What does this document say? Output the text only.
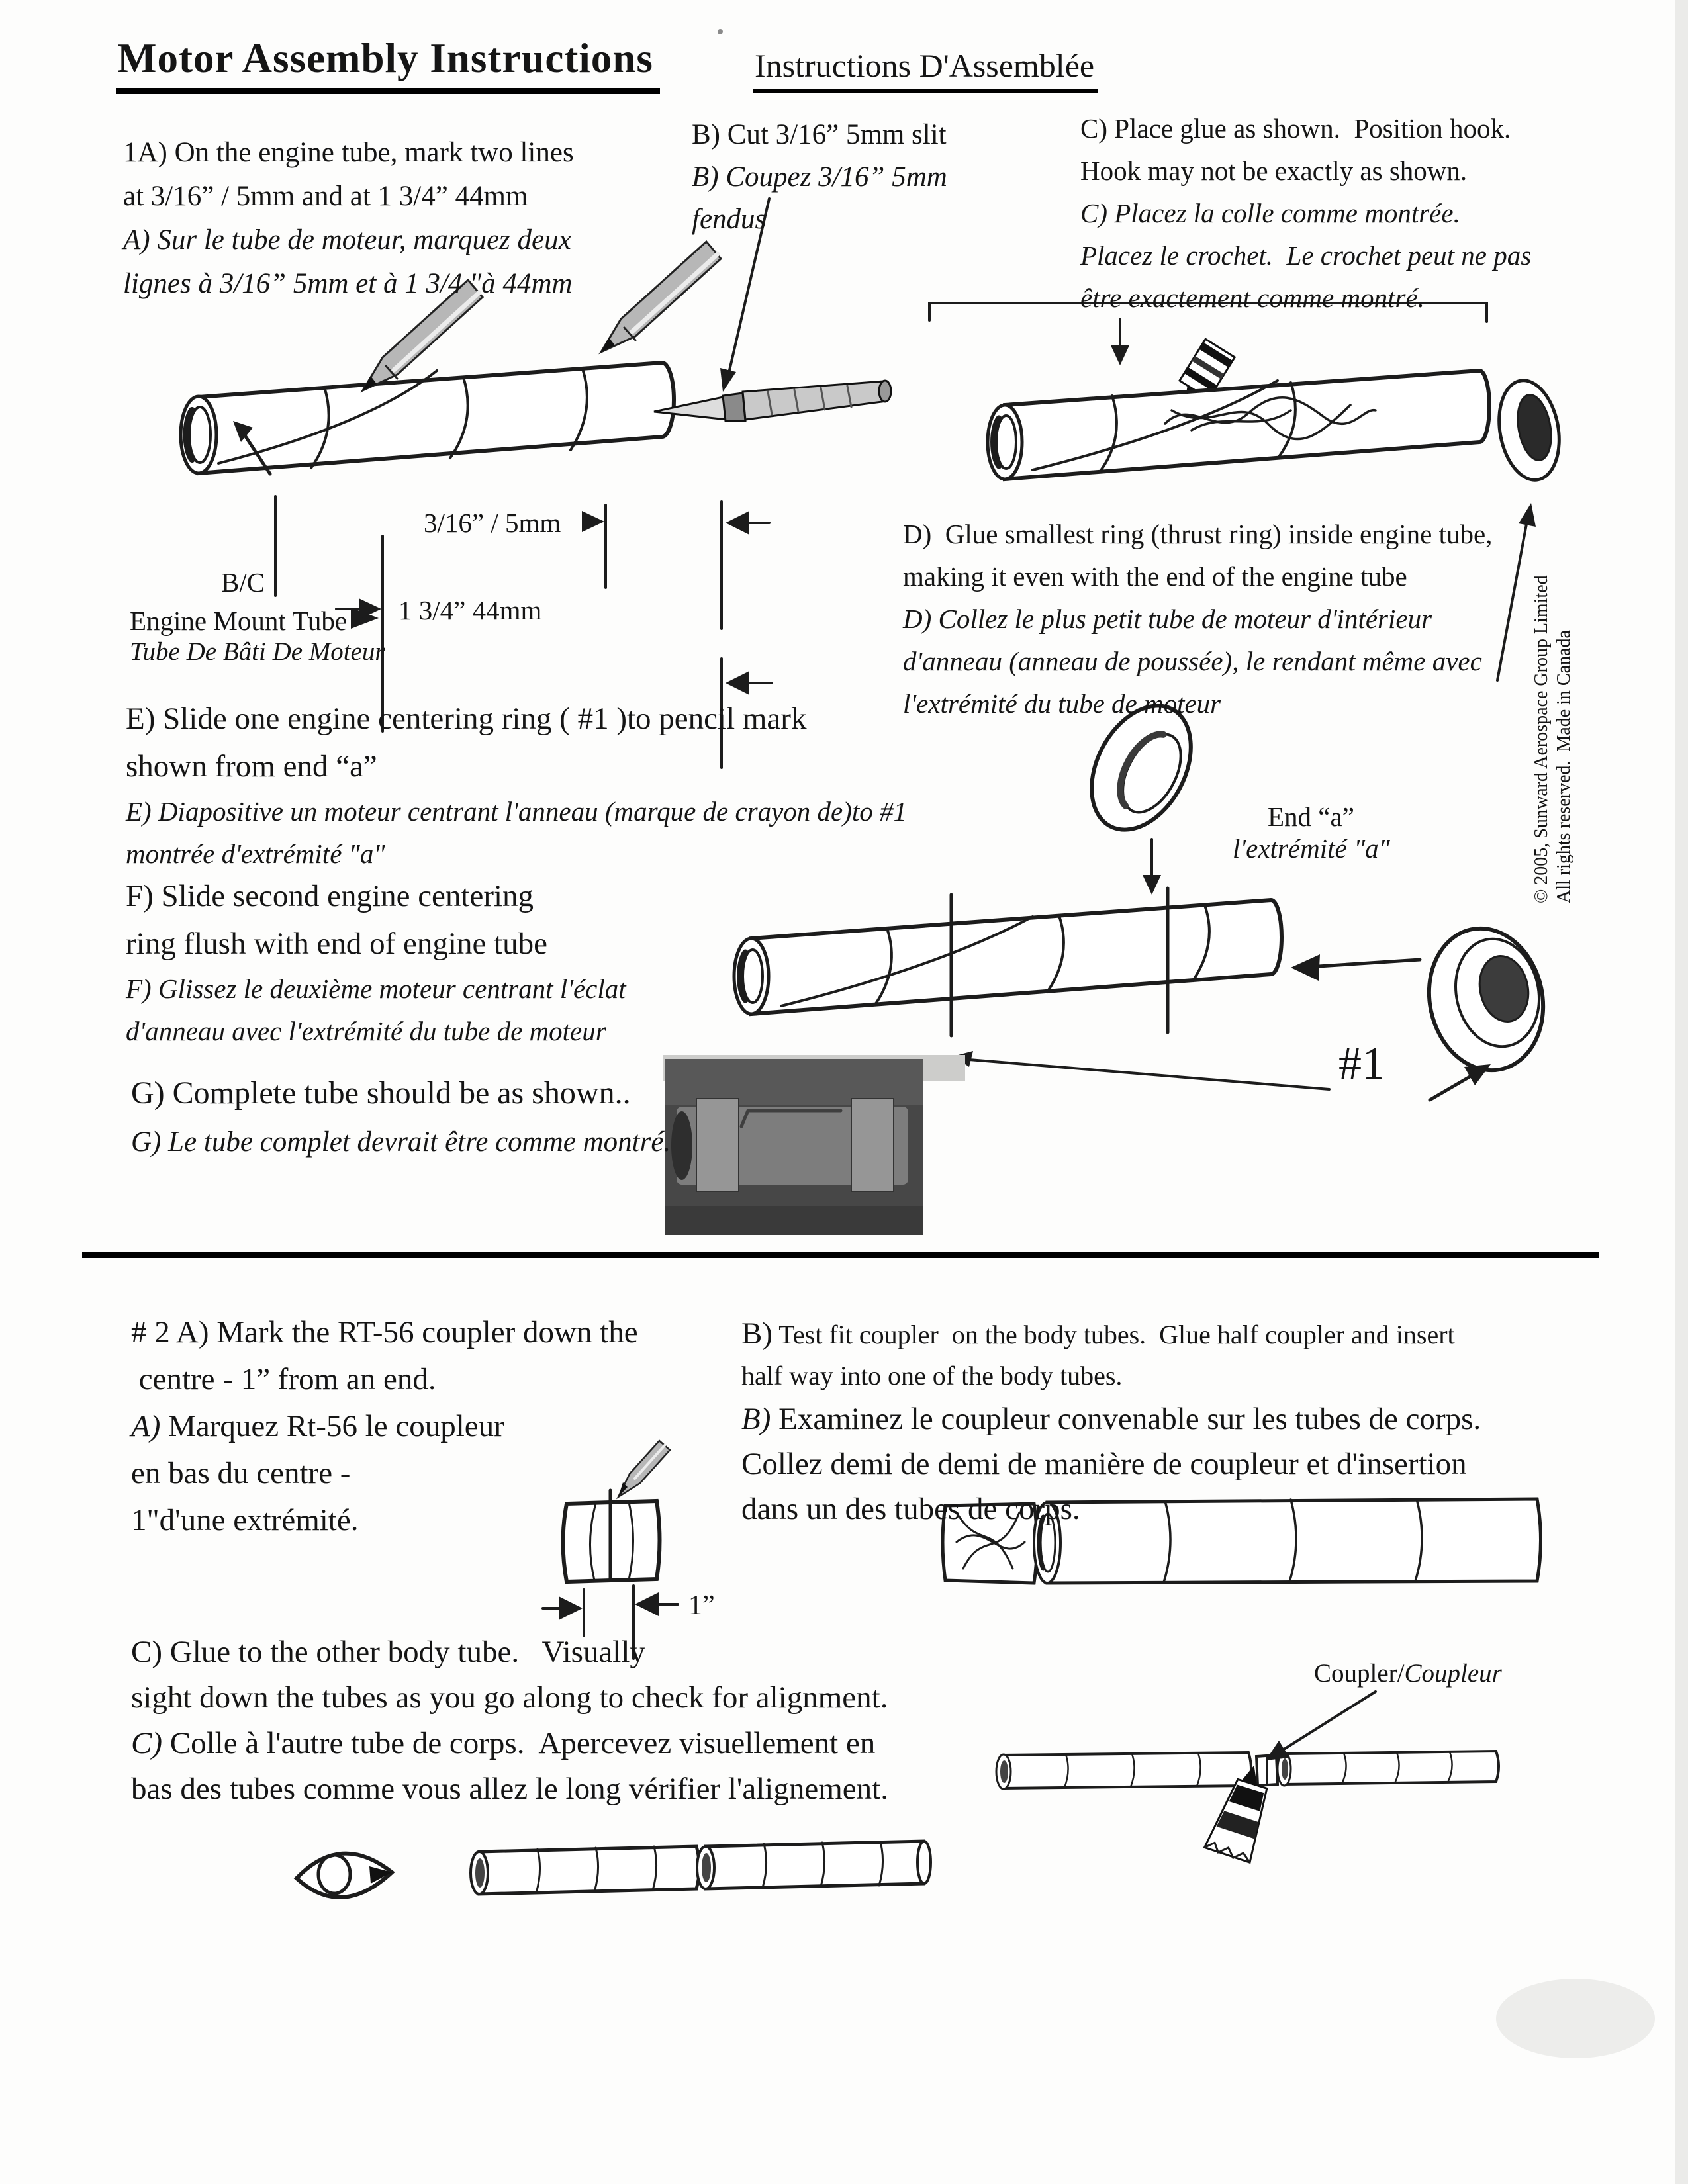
Motor Assembly Instructions	Instructions D'Assemblée
1A) On the engine tube, mark two lines
at 3/16” / 5mm and at 1 3/4” 44mm
A) Sur le tube de moteur, marquez deux
lignes à 3/16” 5mm et à 1 3/4 "à 44mm
B) Cut 3/16” 5mm slit
B) Coupez 3/16” 5mm
fendus
C) Place glue as shown.  Position hook.
Hook may not be exactly as shown.
C) Placez la colle comme montrée.
Placez le crochet.  Le crochet peut ne pas
être exactement comme montré.
D)  Glue smallest ring (thrust ring) inside engine tube,
making it even with the end of the engine tube
D) Collez le plus petit tube de moteur d'intérieur
d'anneau (anneau de poussée), le rendant même avec
l'extrémité du tube de moteur
E) Slide one engine centering ring ( #1 )to pencil mark
shown from end “a”
E) Diapositive un moteur centrant l'anneau (marque de crayon de)to #1
montrée d'extrémité "a"
F) Slide second engine centering
ring flush with end of engine tube
F) Glissez le deuxième moteur centrant l'éclat
d'anneau avec l'extrémité du tube de moteur
G) Complete tube should be as shown..
G) Le tube complet devrait être comme montré.
3/16” / 5mm
1 3/4” 44mm
B/C
Engine Mount Tube
Tube De Bâti De Moteur
End “a”
l'extrémité "a"
#1
© 2005, Sunward Aerospace Group Limited All rights reserved.  Made in Canada
# 2 A) Mark the RT-56 coupler down the
centre - 1” from an end.
A) Marquez Rt-56 le coupleur
en bas du centre -
1"d'une extrémité.
B) Test fit coupler  on the body tubes.  Glue half coupler and insert
half way into one of the body tubes.
B) Examinez le coupleur convenable sur les tubes de corps.
Collez demi de demi de manière de coupleur et d'insertion
dans un des tubes de corps.
C) Glue to the other body tube.   Visually
sight down the tubes as you go along to check for alignment.
C) Colle à l'autre tube de corps.  Apercevez visuellement en
bas des tubes comme vous allez le long vérifier l'alignement.
1”
Coupler/Coupleur
